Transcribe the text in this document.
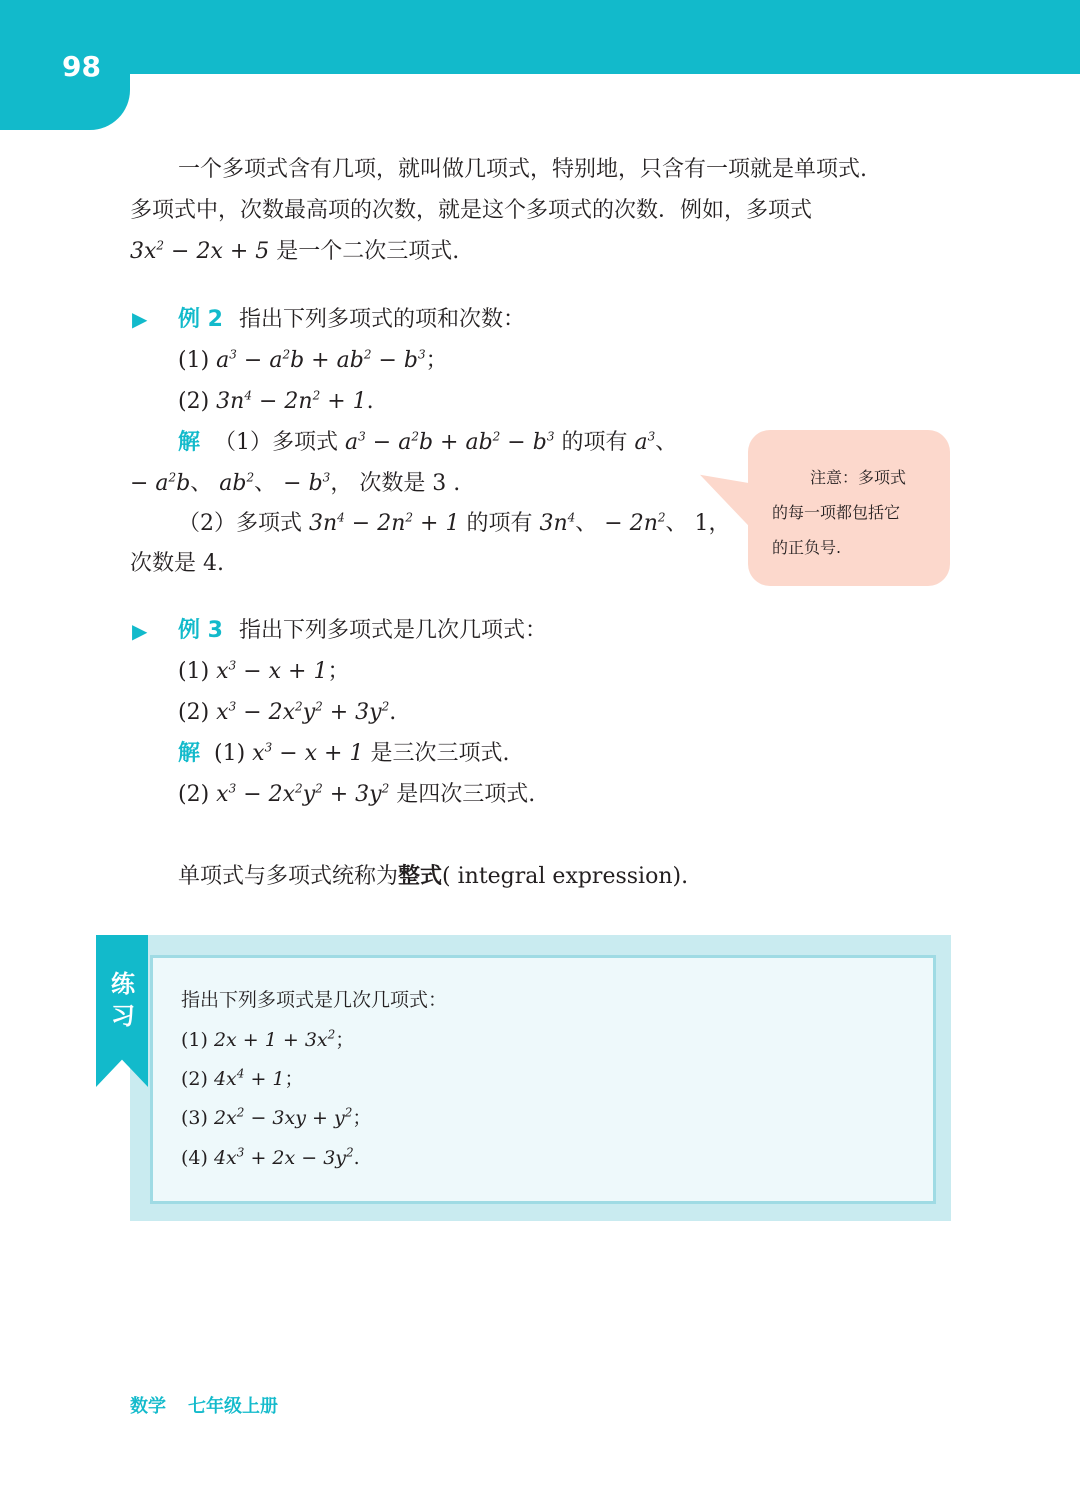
98
一个多项式含有几项，就叫做几项式，特别地，只含有一项就是单项式.
多项式中，次数最高项的次数，就是这个多项式的次数．例如，多项式
$3x^2 - 2x + 5$ 是一个二次三项式.
▶ 例 2 指出下列多项式的项和次数：
(1) $a^3 - a^2b + ab^2 - b^3$；
(2) $3n^4 - 2n^2 + 1$.
解 （1）多项式 $a^3 - a^2b + ab^2 - b^3$ 的项有 $a^3$、
− $a^2b$、 $ab^2$、 − $b^3$， 次数是 3 .
（2）多项式 $3n^4 - 2n^2 + 1$ 的项有 $3n^4$、 − $2n^2$、 1，
次数是 4.
注意：多项式
的每一项都包括它
的正负号.
▶ 例 3 指出下列多项式是几次几项式：
(1) $x^3 - x + 1$；
(2) $x^3 - 2x^2y^2 + 3y^2$.
解 (1) $x^3 - x + 1$ 是三次三项式.
(2) $x^3 - 2x^2y^2 + 3y^2$ 是四次三项式.
单项式与多项式统称为整式( integral expression).
练习
指出下列多项式是几次几项式：
(1) $2x + 1 + 3x^2$；
(2) $4x^4 + 1$；
(3) $2x^2 - 3xy + y^2$；
(4) $4x^3 + 2x - 3y^2$.
数学 七年级上册
